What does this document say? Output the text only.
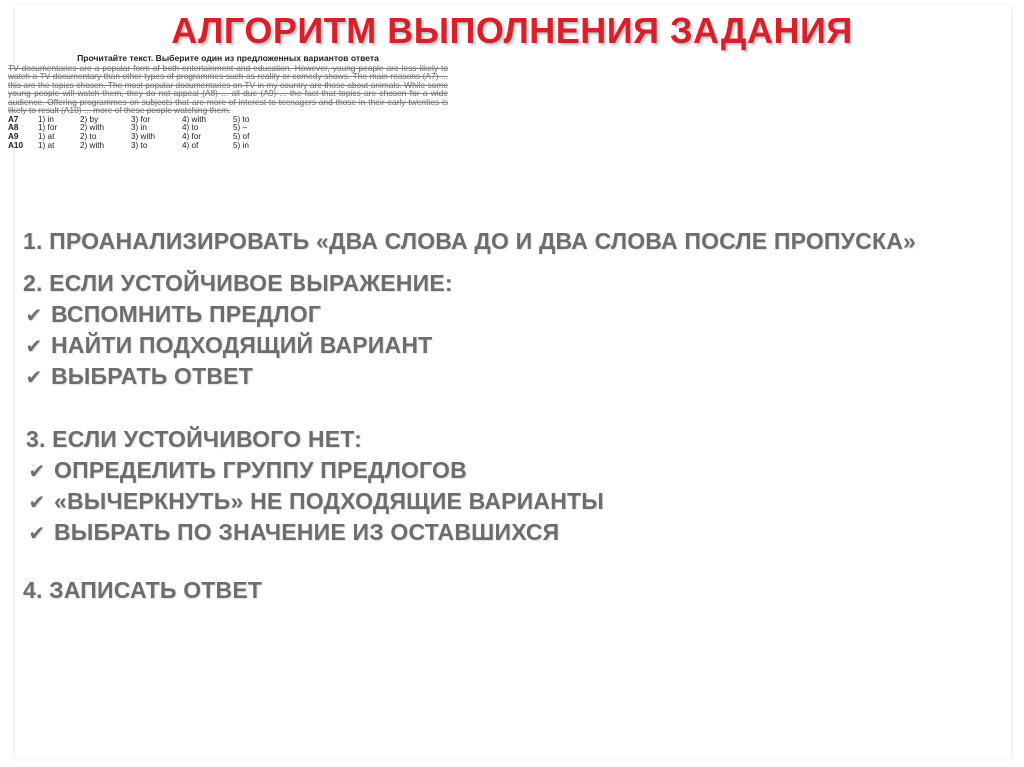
АЛГОРИТМ ВЫПОЛНЕНИЯ ЗАДАНИЯ
Прочитайте текст. Выберите один из предложенных вариантов ответа
TV documentaries are a popular form of both entertainment and education. However, young people are less likely to watch a TV documentary than other types of programmes such as reality or comedy shows. The main reasons (A7) ... this are the topics chosen. The most popular documentaries on TV in my country are those about animals. While some young people will watch them, they do not appeal (A8) ... all due (A9) ... the fact that topics are chosen for a wide audience. Offering programmes on subjects that are more of interest to teenagers and those in their early twenties is likely to result (A10) ... more of these people watching them.
A7	1) in	2) by	3) for	4) with	5) to
A8	1) for	2) with	3) in	4) to	5) –
A9	1) at	2) to	3) with	4) for	5) of
A10	1) at	2) with	3) to	4) of	5) in
1. ПРОАНАЛИЗИРОВАТЬ «ДВА СЛОВА ДО И ДВА СЛОВА ПОСЛЕ ПРОПУСКА»
2. ЕСЛИ УСТОЙЧИВОЕ ВЫРАЖЕНИЕ:
✔ ВСПОМНИТЬ ПРЕДЛОГ
✔ НАЙТИ ПОДХОДЯЩИЙ ВАРИАНТ
✔ ВЫБРАТЬ ОТВЕТ
3. ЕСЛИ УСТОЙЧИВОГО НЕТ:
✔ ОПРЕДЕЛИТЬ ГРУППУ ПРЕДЛОГОВ
✔ «ВЫЧЕРКНУТЬ» НЕ ПОДХОДЯЩИЕ ВАРИАНТЫ
✔ ВЫБРАТЬ ПО ЗНАЧЕНИЕ ИЗ ОСТАВШИХСЯ
4. ЗАПИСАТЬ ОТВЕТ
